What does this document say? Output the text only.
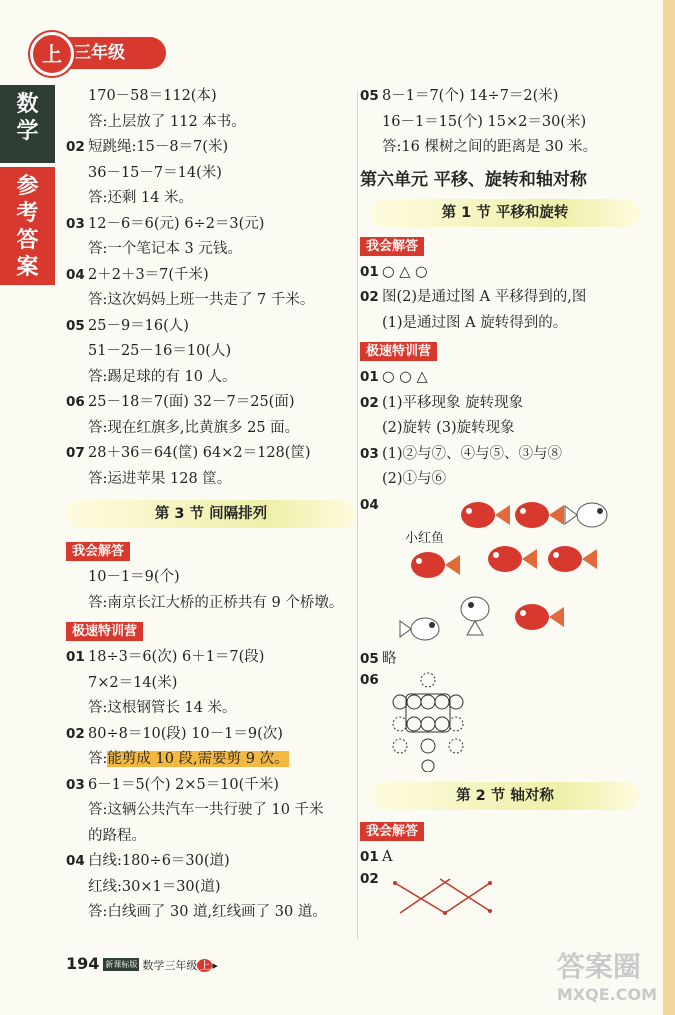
三年级
上
数
学
参
考
答
案
170－58＝112(本)
答:上层放了 112 本书。
02 短跳绳:15－8＝7(米)
36－15－7＝14(米)
答:还剩 14 米。
03 12－6＝6(元) 6÷2＝3(元)
答:一个笔记本 3 元钱。
04 2＋2＋3＝7(千米)
答:这次妈妈上班一共走了 7 千米。
05 25－9＝16(人)
51－25－16＝10(人)
答:踢足球的有 10 人。
06 25－18＝7(面) 32－7＝25(面)
答:现在红旗多,比黄旗多 25 面。
07 28＋36＝64(筐) 64×2＝128(筐)
答:运进苹果 128 筐。
第 3 节 间隔排列
我会解答
10－1＝9(个)
答:南京长江大桥的正桥共有 9 个桥墩。
极速特训营
01 18÷3＝6(次) 6＋1＝7(段)
7×2＝14(米)
答:这根钢管长 14 米。
02 80÷8＝10(段) 10－1＝9(次)
答:能剪成 10 段,需要剪 9 次。
03 6－1＝5(个) 2×5＝10(千米)
答:这辆公共汽车一共行驶了 10 千米
的路程。
04 白线:180÷6＝30(道)
红线:30×1＝30(道)
答:白线画了 30 道,红线画了 30 道。
05 8－1＝7(个) 14÷7＝2(米)
16－1＝15(个) 15×2＝30(米)
答:16 棵树之间的距离是 30 米。
第六单元 平移、旋转和轴对称
第 1 节 平移和旋转
我会解答
01 ○ △ ○
02 图(2)是通过图 A 平移得到的,图
(1)是通过图 A 旋转得到的。
极速特训营
01 ○ ○ △
02 (1)平移现象 旋转现象
(2)旋转 (3)旋转现象
03 (1)②与⑦、④与⑤、③与⑧
(2)①与⑥
04
小红鱼
05 略
06
第 2 节 轴对称
我会解答
01 A
02
194 新课标版 数学三年级 上 ▸	答案圈
MXQE.COM
